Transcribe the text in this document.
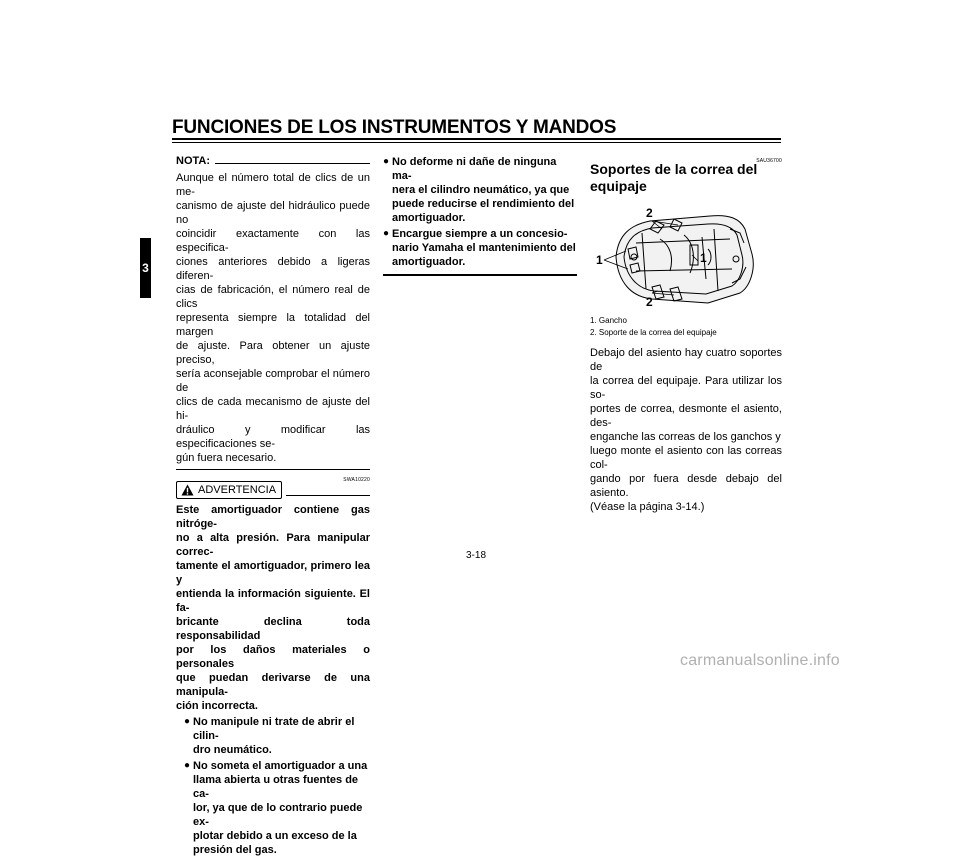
FUNCIONES DE LOS INSTRUMENTOS Y MANDOS
3
NOTA:
Aunque el número total de clics de un me-
canismo de ajuste del hidráulico puede no
coincidir exactamente con las especifica-
ciones anteriores debido a ligeras diferen-
cias de fabricación, el número real de clics
representa siempre la totalidad del margen
de ajuste. Para obtener un ajuste preciso,
sería aconsejable comprobar el número de
clics de cada mecanismo de ajuste del hi-
dráulico y modificar las especificaciones se-
gún fuera necesario.
SWA10220
ADVERTENCIA
Este amortiguador contiene gas nitróge-
no a alta presión. Para manipular correc-
tamente el amortiguador, primero lea y
entienda la información siguiente. El fa-
bricante declina toda responsabilidad
por los daños materiales o personales
que puedan derivarse de una manipula-
ción incorrecta.
● No manipule ni trate de abrir el cilin-
dro neumático.
● No someta el amortiguador a una
llama abierta u otras fuentes de ca-
lor, ya que de lo contrario puede ex-
plotar debido a un exceso de la
presión del gas.
● No deforme ni dañe de ninguna ma-
nera el cilindro neumático, ya que
puede reducirse el rendimiento del
amortiguador.
● Encargue siempre a un concesio-
nario Yamaha el mantenimiento del
amortiguador.
SAU36700
Soportes de la correa del
equipaje
2
1	1
2
1. Gancho
2. Soporte de la correa del equipaje
Debajo del asiento hay cuatro soportes de
la correa del equipaje. Para utilizar los so-
portes de correa, desmonte el asiento, des-
enganche las correas de los ganchos y
luego monte el asiento con las correas col-
gando por fuera desde debajo del asiento.
(Véase la página 3-14.)
3-18
carmanualsonline.info
